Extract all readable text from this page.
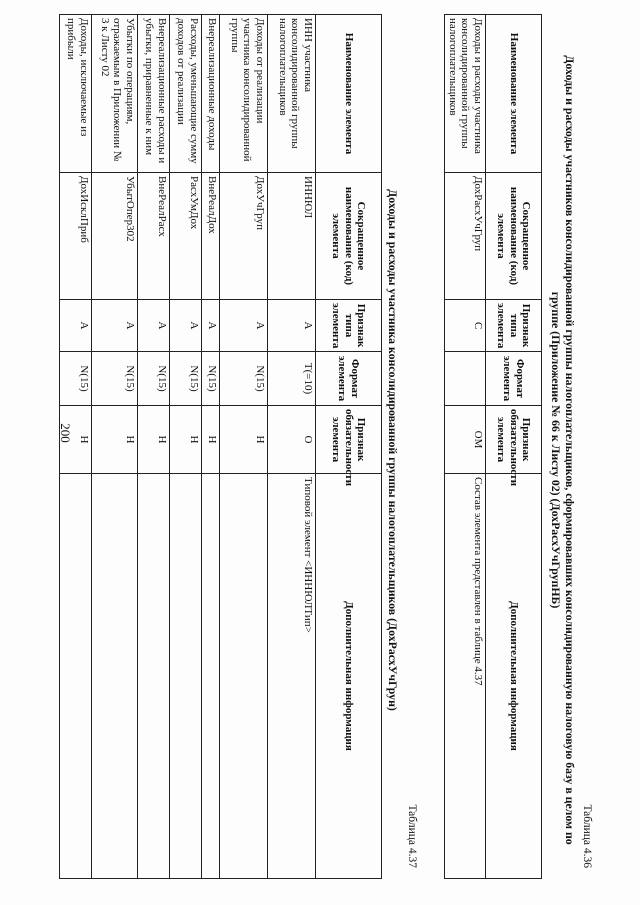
200
Таблица 4.36
Доходы и расходы участников консолидированной группы налогоплательщиков, сформировавших консолидированную налоговую базу в целом по группе (Приложение № 66 к Листу 02) (ДохРасхУчГрупНБ)
Наименование элемента	Сокращенное наименование (код) элемента	Признак типа элемента	Формат элемента	Признак обязательности элемента	Дополнительная информация
Доходы и расходы участника консолидированной группы налогоплательщиков	ДохРасхУчГруп	С		ОМ	Состав элемента представлен в таблице 4.37
Таблица 4.37
Доходы и расходы участника консолидированной группы налогоплательщиков (ДохРасхУчГрун)
Наименование элемента	Сокращенное наименование (код) элемента	Признак типа элемента	Формат элемента	Признак обязательности элемента	Дополнительная информация
ИНН участника консолидированной группы налогоплательщиков	ИННЮЛ	А	T(=10)	О	Типовой элемент <ИННЮЛТип>
Доходы от реализации участника консолидированной группы	ДохУчГруп	А	N(15)	Н	
Внереализационные доходы	ВнеРеалДох	А	N(15)	Н	
Расходы, уменьшающие сумму доходов от реализации	РасхУмДох	А	N(15)	Н	
Внереализационные расходы и убытки, приравненные к ним	ВнеРеалРасх	А	N(15)	Н	
Убытки по операциям, отражаемым в Приложении № 3 к Листу 02	УбытОпер302	А	N(15)	Н	
Доходы, исключаемые из прибыли	ДохИсклПриб	А	N(15)	Н	
